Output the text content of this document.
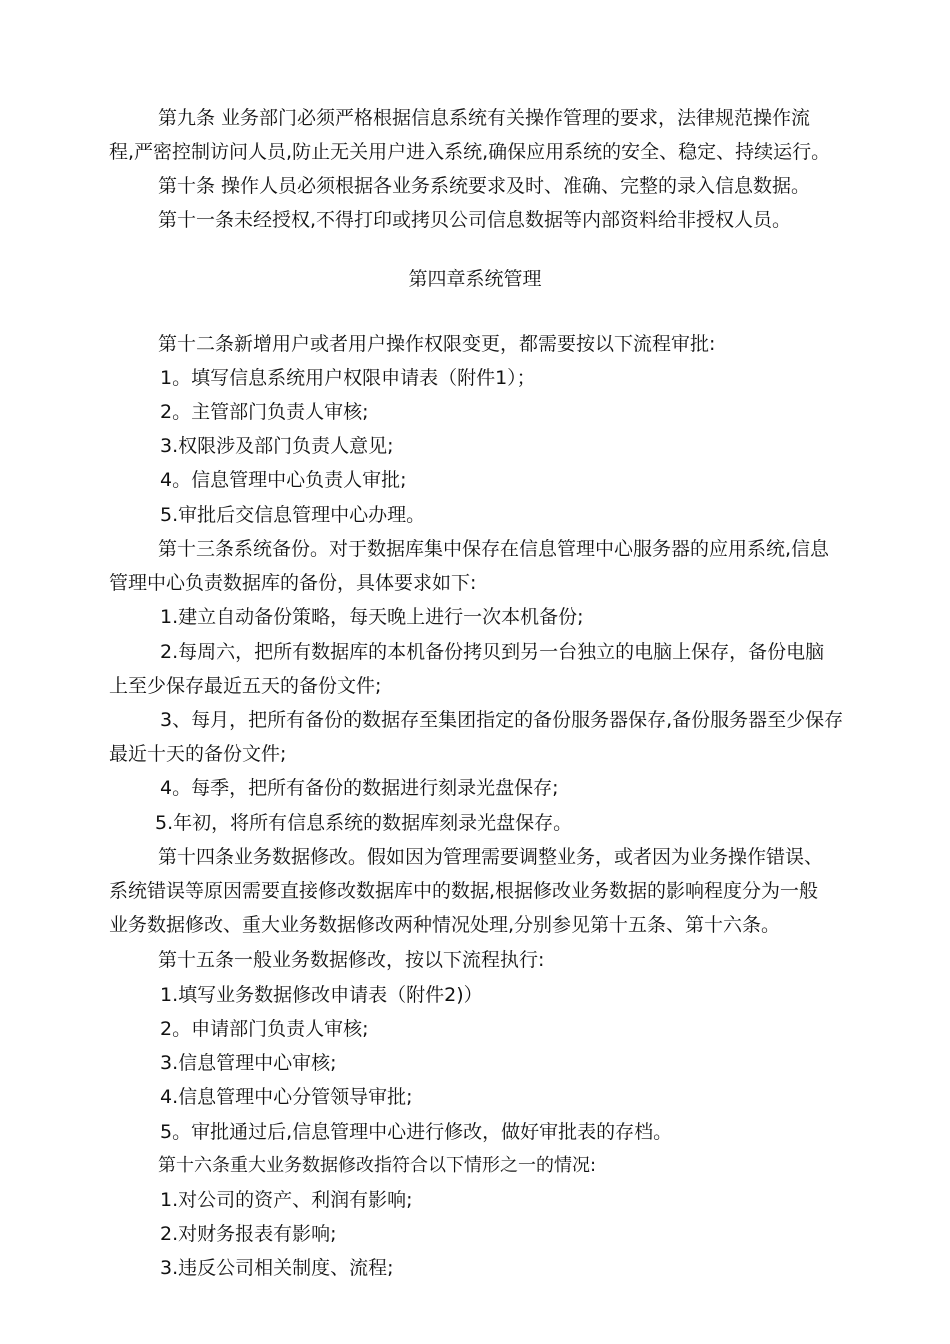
第九条 业务部门必须严格根据信息系统有关操作管理的要求，法律规范操作流
程,严密控制访问人员,防止无关用户进入系统,确保应用系统的安全、稳定、持续运行。
第十条 操作人员必须根据各业务系统要求及时、准确、完整的录入信息数据。
第十一条未经授权,不得打印或拷贝公司信息数据等内部资料给非授权人员。
第四章系统管理
第十二条新增用户或者用户操作权限变更，都需要按以下流程审批:
1。填写信息系统用户权限申请表（附件1）；
2。主管部门负责人审核;
3.权限涉及部门负责人意见;
4。信息管理中心负责人审批;
5.审批后交信息管理中心办理。
第十三条系统备份。对于数据库集中保存在信息管理中心服务器的应用系统,信息
管理中心负责数据库的备份，具体要求如下:
1.建立自动备份策略，每天晚上进行一次本机备份;
2.每周六，把所有数据库的本机备份拷贝到另一台独立的电脑上保存，备份电脑
上至少保存最近五天的备份文件;
3、每月，把所有备份的数据存至集团指定的备份服务器保存,备份服务器至少保存
最近十天的备份文件;
4。每季，把所有备份的数据进行刻录光盘保存;
5.年初，将所有信息系统的数据库刻录光盘保存。
第十四条业务数据修改。假如因为管理需要调整业务，或者因为业务操作错误、
系统错误等原因需要直接修改数据库中的数据,根据修改业务数据的影响程度分为一般
业务数据修改、重大业务数据修改两种情况处理,分别参见第十五条、第十六条。
第十五条一般业务数据修改，按以下流程执行:
1.填写业务数据修改申请表（附件2)）
2。申请部门负责人审核;
3.信息管理中心审核;
4.信息管理中心分管领导审批;
5。审批通过后,信息管理中心进行修改，做好审批表的存档。
第十六条重大业务数据修改指符合以下情形之一的情况:
1.对公司的资产、利润有影响;
2.对财务报表有影响;
3.违反公司相关制度、流程;
